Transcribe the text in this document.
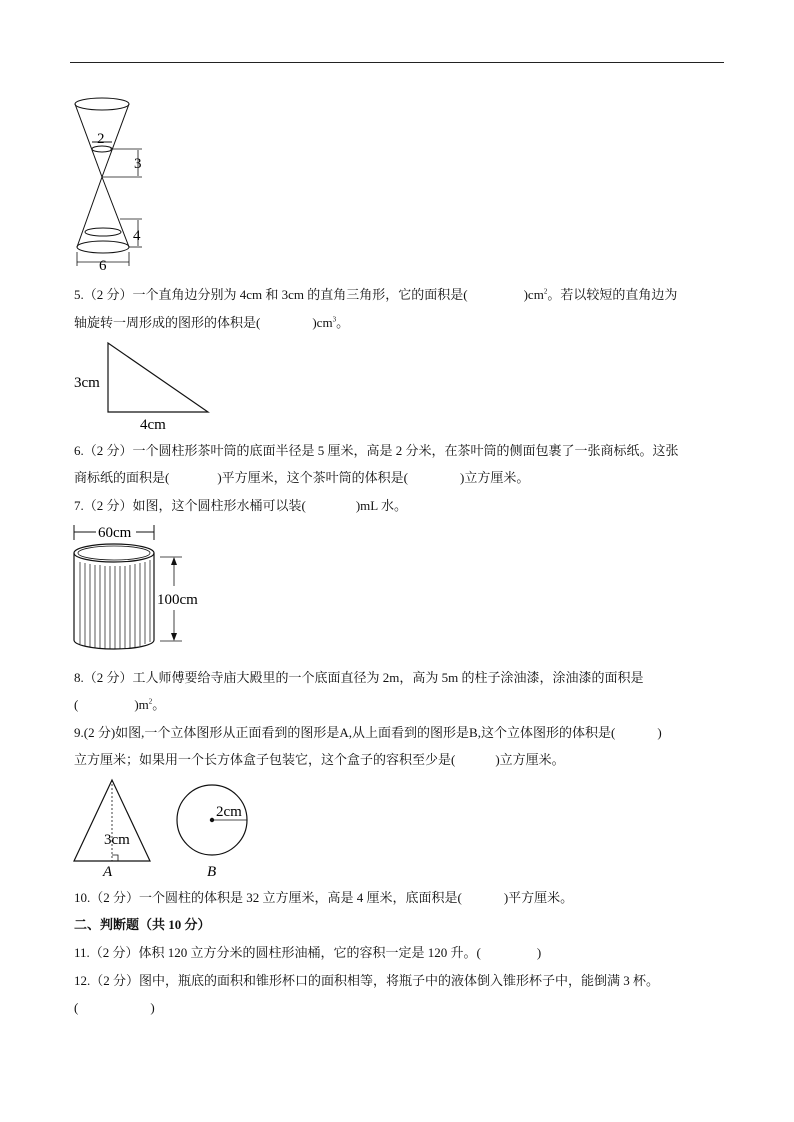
2
3
4
6
5.（2 分）一个直角边分别为 4cm 和 3cm 的直角三角形，它的面积是(	)$cm^2$。若以较短的直角边为
轴旋转一周形成的图形的体积是(	)$cm^3$。
3cm
4cm
6.（2 分）一个圆柱形茶叶筒的底面半径是 5 厘米，高是 2 分米，在茶叶筒的侧面包裹了一张商标纸。这张
商标纸的面积是(	)平方厘米，这个茶叶筒的体积是(	)立方厘米。
7.（2 分）如图，这个圆柱形水桶可以装(	)mL 水。
60cm
100cm
8.（2 分）工人师傅要给寺庙大殿里的一个底面直径为 2m，高为 5m 的柱子涂油漆，涂油漆的面积是
(	)$m^2$。
9.(2 分)如图,一个立体图形从正面看到的图形是A,从上面看到的图形是B,这个立体图形的体积是(	)
立方厘米；如果用一个长方体盒子包装它，这个盒子的容积至少是(	)立方厘米。
3cm
A
2cm
B
10.（2 分）一个圆柱的体积是 32 立方厘米，高是 4 厘米，底面积是(	)平方厘米。
二、判断题（共 10 分）
11.（2 分）体积 120 立方分米的圆柱形油桶，它的容积一定是 120 升。(	)
12.（2 分）图中，瓶底的面积和锥形杯口的面积相等，将瓶子中的液体倒入锥形杯子中，能倒满 3 杯。
(	)
